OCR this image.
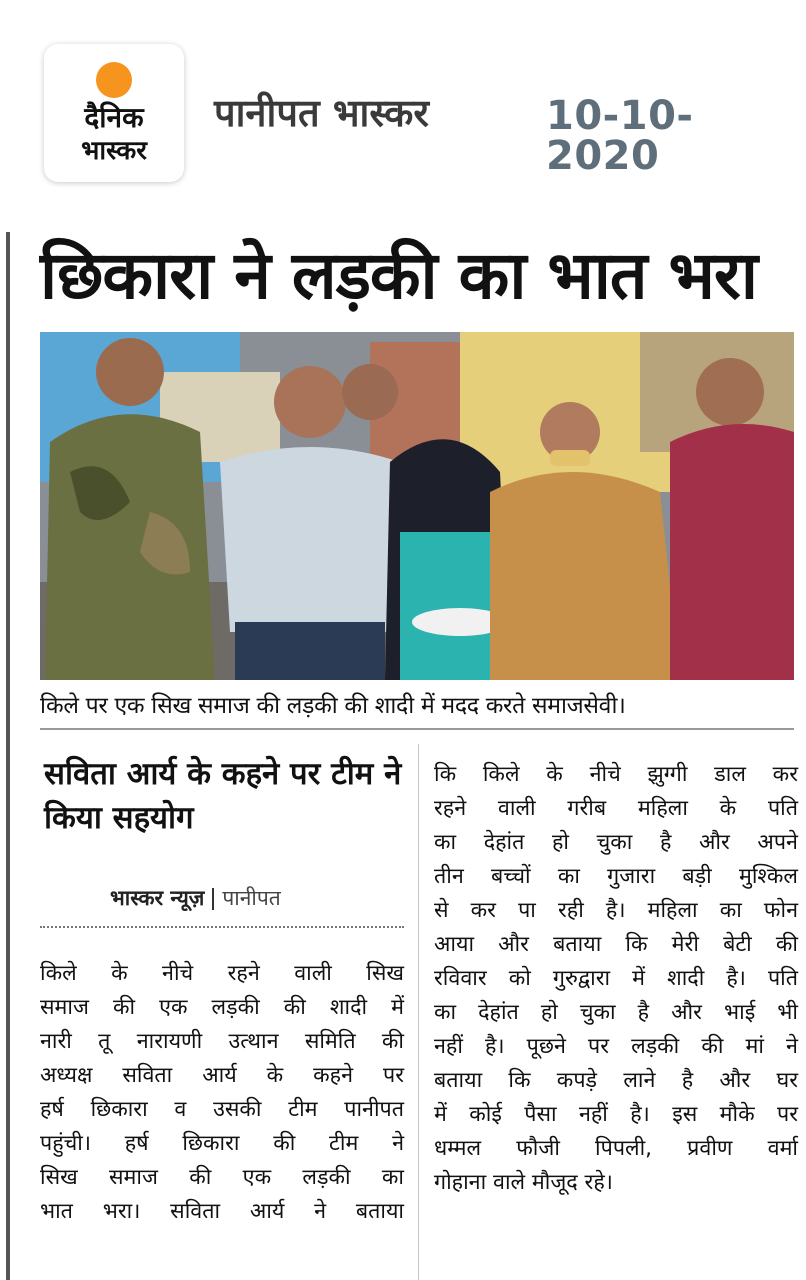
दैनिक
भास्कर
पानीपत भास्कर	10-10-2020
छिकारा ने लड़की का भात भरा
किले पर एक सिख समाज की लड़की की शादी में मदद करते समाजसेवी।
सविता आर्य के कहने पर टीम ने किया सहयोग
भास्कर न्यूज़ पानीपत
किले के नीचे रहने वाली सिख
समाज की एक लड़की की शादी में
नारी तू नारायणी उत्थान समिति की
अध्यक्ष सविता आर्य के कहने पर
हर्ष छिकारा व उसकी टीम पानीपत
पहुंची। हर्ष छिकारा की टीम ने
सिख समाज की एक लड़की का
भात भरा। सविता आर्य ने बताया
कि किले के नीचे झुग्गी डाल कर
रहने वाली गरीब महिला के पति
का देहांत हो चुका है और अपने
तीन बच्चों का गुजारा बड़ी मुश्किल
से कर पा रही है। महिला का फोन
आया और बताया कि मेरी बेटी की
रविवार को गुरुद्वारा में शादी है। पति
का देहांत हो चुका है और भाई भी
नहीं है। पूछने पर लड़की की मां ने
बताया कि कपड़े लाने है और घर
में कोई पैसा नहीं है। इस मौके पर
धम्मल फौजी पिपली, प्रवीण वर्मा
गोहाना वाले मौजूद रहे।
